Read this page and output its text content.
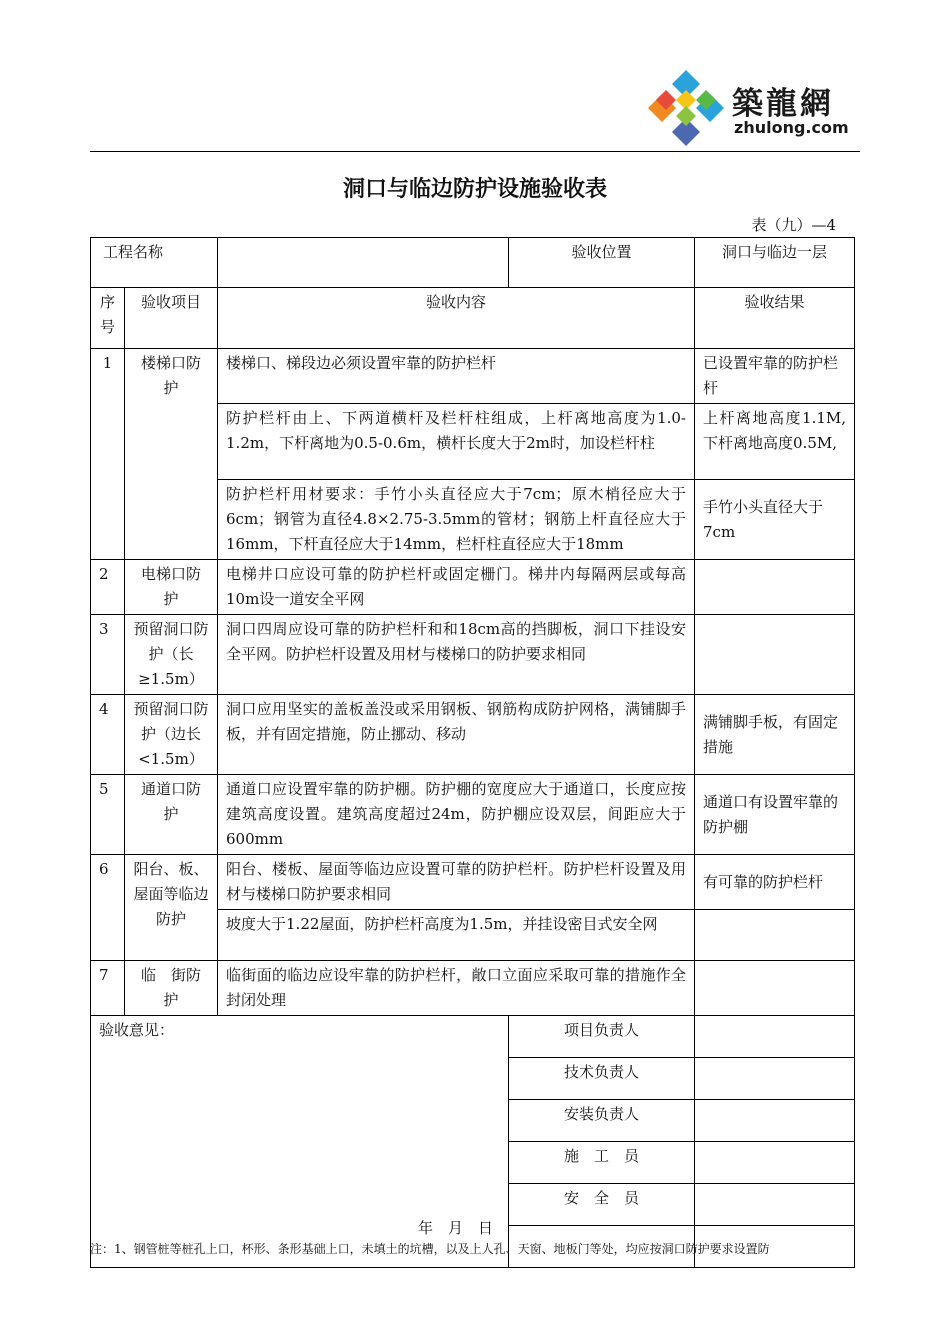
築龍網
zhulong.com
洞口与临边防护设施验收表
表（九）—4
工程名称			验收位置	洞口与临边一层
序号	验收项目	验收内容		验收结果
1	楼梯口防 护	楼梯口、梯段边必须设置牢靠的防护栏杆		已设置牢靠的防护栏杆
		防护栏杆由上、下两道横杆及栏杆柱组成，上杆离地高度为1.0-1.2m，下杆离地为0.5-0.6m，横杆长度大于2m时，加设栏杆柱		上杆离地高度1.1M,下杆离地高度0.5M,
		防护栏杆用材要求：手竹小头直径应大于7cm；原木梢径应大于6cm；钢管为直径4.8×2.75-3.5mm的管材；钢筋上杆直径应大于16mm，下杆直径应大于14mm，栏杆柱直径应大于18mm		手竹小头直径大于7cm
2	电梯口防　护	电梯井口应设可靠的防护栏杆或固定栅门。梯井内每隔两层或每高10m设一道安全平网		
3	预留洞口防护（长≥1.5m）	洞口四周应设可靠的防护栏杆和和18cm高的挡脚板，洞口下挂设安全平网。防护栏杆设置及用材与楼梯口的防护要求相同		
4	预留洞口防护（边长<1.5m）	洞口应用坚实的盖板盖没或采用钢板、钢筋构成防护网格，满铺脚手板，并有固定措施，防止挪动、移动		满铺脚手板，有固定措施
5	通道口防 护	通道口应设置牢靠的防护棚。防护棚的宽度应大于通道口，长度应按建筑高度设置。建筑高度超过24m，防护棚应设双层，间距应大于600mm		通道口有设置牢靠的防护棚
6	阳台、板、屋面等临边防护	阳台、楼板、屋面等临边应设置可靠的防护栏杆。防护栏杆设置及用材与楼梯口防护要求相同		有可靠的防护栏杆
		坡度大于1.22屋面，防护栏杆高度为1.5m，并挂设密目式安全网		
7	临　街防　护	临街面的临边应设牢靠的防护栏杆，敞口立面应采取可靠的措施作全封闭处理		
验收意见：
年　月　日			项目负责人	
			技术负责人	
			安装负责人	
			施　工　员	
			安　全　员	

注：1、钢管桩等桩孔上口，杯形、条形基础上口，未填土的坑槽，以及上人孔、天窗、地板门等处，均应按洞口防护要求设置防
